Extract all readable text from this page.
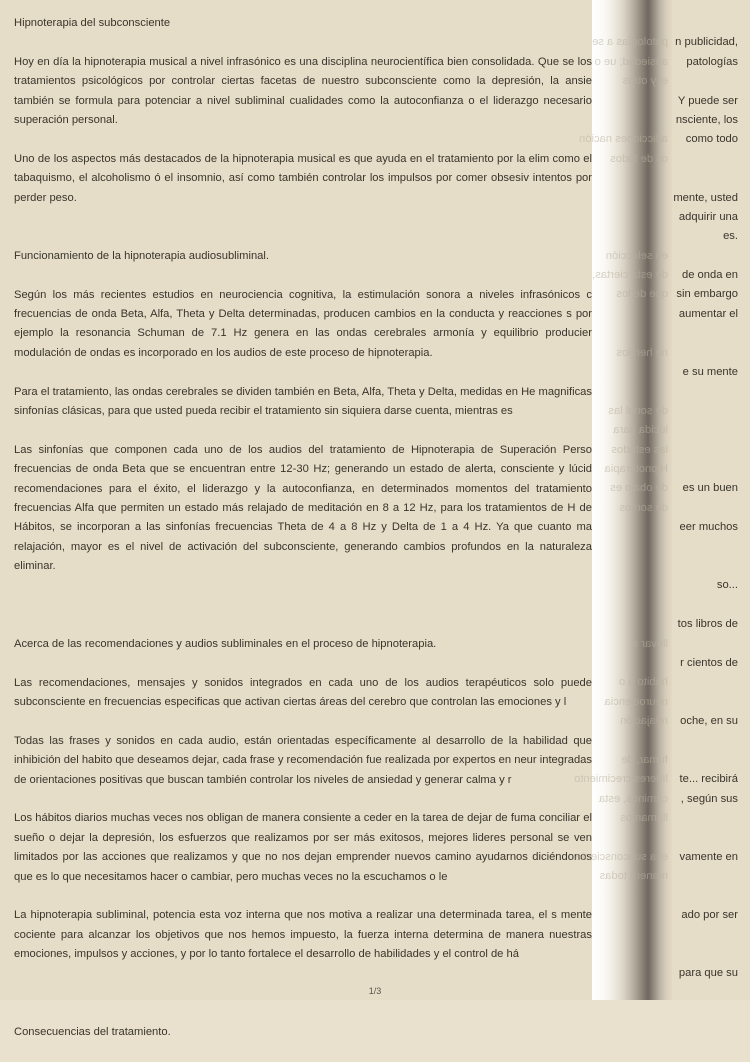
Hipnoterapia del subconsciente

Hoy en día la hipnoterapia musical a nivel infrasónico es una disciplina neurocientífica bien consolidada. Que se los tratamientos psicológicos por controlar ciertas facetas de nuestro subconsciente como la depresión, la ansie también se formula para potenciar a nivel subliminal cualidades como la autoconfianza o el liderazgo necesario superación personal.

Uno de los aspectos más destacados de la hipnoterapia musical es que ayuda en el tratamiento por la elim como el tabaquismo, el alcoholismo ó el insomnio, así como también controlar los impulsos por comer obsesiv intentos por perder peso.

Funcionamiento de la hipnoterapia audiosubliminal.

Según los más recientes estudios en neurociencia cognitiva, la estimulación sonora a niveles infrasónicos c frecuencias de onda Beta, Alfa, Theta y Delta determinadas, producen cambios en la conducta y reacciones s por ejemplo la resonancia Schuman de 7.1 Hz genera en las ondas cerebrales armonía y equilibrio producier modulación de ondas es incorporado en los audios de este proceso de hipnoterapia.

Para el tratamiento, las ondas cerebrales se dividen también en Beta, Alfa, Theta y Delta, medidas en He magnificas sinfonías clásicas, para que usted pueda recibir el tratamiento sin siquiera darse cuenta, mientras es

Las sinfonías que componen cada uno de los audios del tratamiento de Hipnoterapia de Superación Perso frecuencias de onda Beta que se encuentran entre 12-30 Hz; generando un estado de alerta, consciente y lúcid recomendaciones para el éxito, el liderazgo y la autoconfianza, en determinados momentos del tratamiento frecuencias Alfa que permiten un estado más relajado de meditación en 8 a 12 Hz, para los tratamientos de H de Hábitos, se incorporan a las sinfonías frecuencias Theta de 4 a 8 Hz y Delta de 1 a 4 Hz. Ya que cuanto ma relajación, mayor es el nivel de activación del subconsciente, generando cambios profundos en la naturaleza eliminar.

Acerca de las recomendaciones y audios subliminales en el proceso de hipnoterapia.

Las recomendaciones, mensajes y sonidos integrados en cada uno de los audios terapéuticos solo puede subconsciente en frecuencias especificas que activan ciertas áreas del cerebro que controlan las emociones y l

Todas las frases y sonidos en cada audio, están orientadas específicamente al desarrollo de la habilidad que inhibición del habito que deseamos dejar, cada frase y recomendación fue realizada por expertos en neur integradas de orientaciones positivas que buscan también controlar los niveles de ansiedad y generar calma y r

Los hábitos diarios muchas veces nos obligan de manera consiente a ceder en la tarea de dejar de fuma conciliar el sueño o dejar la depresión, los esfuerzos que realizamos por ser más exitosos, mejores lideres personal se ven limitados por las acciones que realizamos y que no nos dejan emprender nuevos camino ayudarnos diciéndonos que es lo que necesitamos hacer o cambiar, pero muchas veces no la escuchamos o le

La hipnoterapia subliminal, potencia esta voz interna que nos motiva a realizar una determinada tarea, el s mente cociente para alcanzar los objetivos que nos hemos impuesto, la fuerza interna determina de manera nuestras emociones, impulsos y acciones, y por lo tanto fortalece el desarrollo de habilidades y el control de há

Consecuencias del tratamiento.

patologías a se
ansiedad; ue o
el y otras
adicciones nación
os de todos
en selección
de esta ciertas,
que de los
ne herzios
de sonal las
lúcida para
las estados
Hipnoterapia
de obajo es
de somos
llevar a
hábito a o
neurociencia
relajación
fumar, de
líderes crecimiento
caminos, esta
llamamos
el a subconsciente
manera todas
n publicidad,
patologías
Y puede ser
nsciente, los
como todo
mente, usted
adquirir una
es.
de onda en
sin embargo
aumentar el
e su mente
es un buen
eer muchos
so...
tos libros de
r cientos de
oche, en su
te... recibirá
, según sus
vamente en
ado por ser
para que su
1/3
